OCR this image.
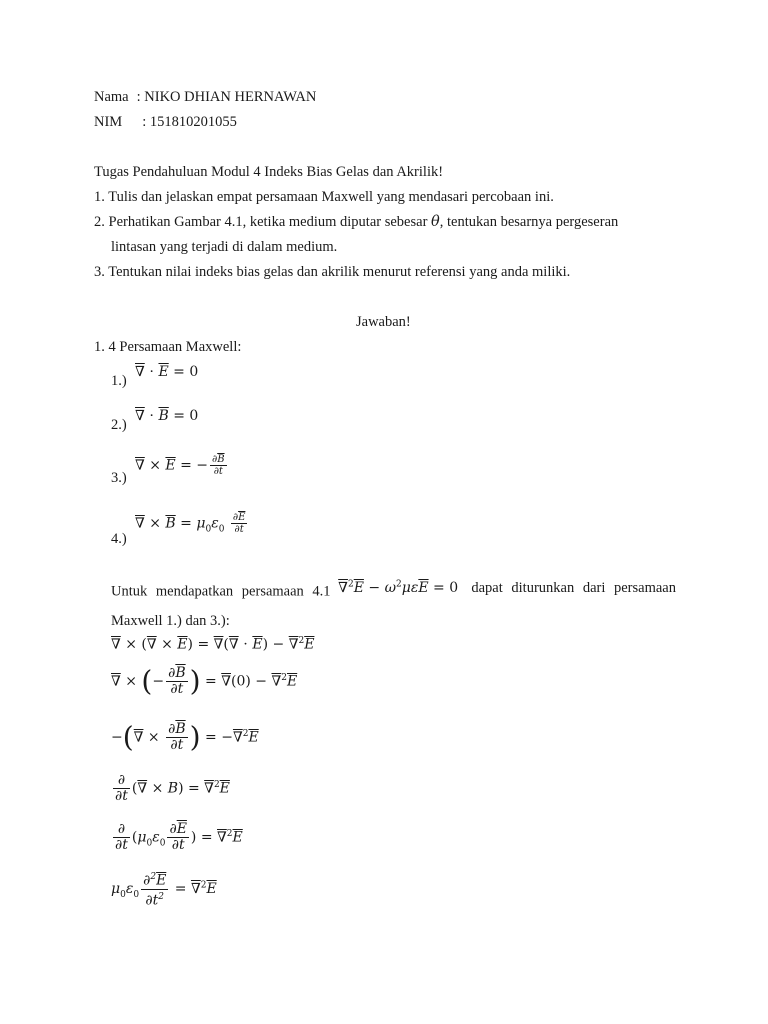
Nama : NIKO DHIAN HERNAWAN
NIM : 151810201055
Tugas Pendahuluan Modul 4 Indeks Bias Gelas dan Akrilik!
1. Tulis dan jelaskan empat persamaan Maxwell yang mendasari percobaan ini.
2. Perhatikan Gambar 4.1, ketika medium diputar sebesar θ, tentukan besarnya pergeseran
lintasan yang terjadi di dalam medium.
3. Tentukan nilai indeks bias gelas dan akrilik menurut referensi yang anda miliki.
Jawaban!
1. 4 Persamaan Maxwell:
1.)
2.)
3.)
4.)
∇ ⋅ $\overline{E} = 0$
∇ ⋅ $\overline{B} = 0$
∇ × $\overline{E}$ = − $\frac{\partial\overline{B}}{\partial t}$
∇ × $\overline{B} = \mu_0\varepsilon_0 \frac{\partial\overline{E}}{\partial t}$
Untuk mendapatkan persamaan 4.1 $\nabla^2\overline{E} - \omega^2\mu\varepsilon\overline{E} = 0$ dapat diturunkan dari persamaan
Maxwell 1.) dan 3.):
∇ × (∇ × $\overline{E}$) = ∇(∇ ⋅ $\overline{E}) - \nabla^2\overline{E}$
∇ × (− $\frac{\partial\overline{B}}{\partial t}$ ) = $\nabla(0) - \nabla^2\overline{E}$
−(∇ × $\frac{\partial\overline{B}}{\partial t}$ ) = $-\nabla^2\overline{E}$
$\frac{\partial}{\partial t}$ (∇ × $B) = \nabla^2\overline{E}$
$\frac{\partial}{\partial t} (\mu_0\varepsilon_0 \frac{\partial\overline{E}}{\partial t}$ ) = $\nabla^2\overline{E}$
$\mu_0\varepsilon_0 \frac{\partial^2\overline{E}}{\partial t^2} = \nabla^2\overline{E}$
